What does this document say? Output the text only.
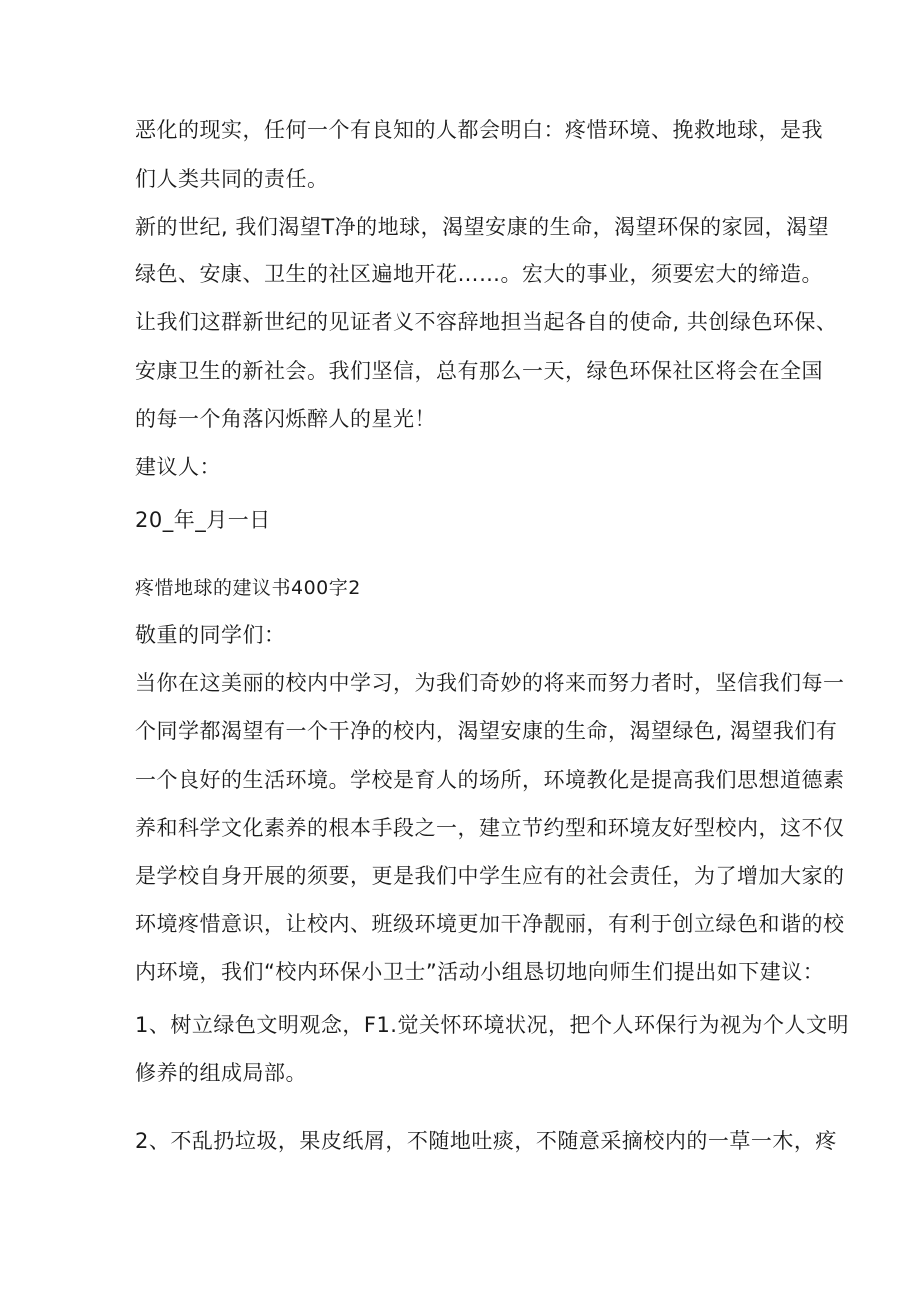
恶化的现实，任何一个有良知的人都会明白：疼惜环境、挽救地球，是我

们人类共同的责任。

新的世纪, 我们渴望T净的地球，渴望安康的生命，渴望环保的家园，渴望

绿色、安康、卫生的社区遍地开花……。宏大的事业，须要宏大的缔造。

让我们这群新世纪的见证者义不容辞地担当起各自的使命, 共创绿色环保、

安康卫生的新社会。我们坚信，总有那么一天，绿色环保社区将会在全国

的每一个角落闪烁醉人的星光！

建议人：

20_年_月一日

疼惜地球的建议书400字2

敬重的同学们：

当你在这美丽的校内中学习，为我们奇妙的将来而努力者时，坚信我们每一

个同学都渴望有一个干净的校内，渴望安康的生命，渴望绿色, 渴望我们有

一个良好的生活环境。学校是育人的场所，环境教化是提高我们思想道德素

养和科学文化素养的根本手段之一，建立节约型和环境友好型校内，这不仅

是学校自身开展的须要，更是我们中学生应有的社会责任，为了增加大家的

环境疼惜意识，让校内、班级环境更加干净靓丽，有利于创立绿色和谐的校

内环境，我们“校内环保小卫士”活动小组恳切地向师生们提出如下建议：

1、树立绿色文明观念，F1.觉关怀环境状况，把个人环保行为视为个人文明

修养的组成局部。

2、不乱扔垃圾，果皮纸屑，不随地吐痰，不随意采摘校内的一草一木，疼
